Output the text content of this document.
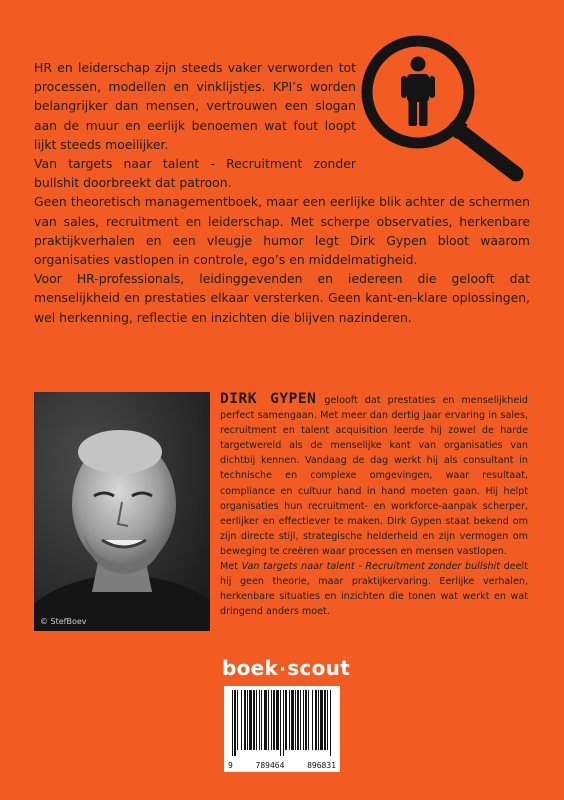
HR en leiderschap zijn steeds vaker verworden tot processen, modellen en vinklijstjes. KPI’s worden belangrijker dan mensen, vertrouwen een slogan aan de muur en eerlijk benoemen wat fout loopt lijkt steeds moeilijker.

Van targets naar talent - Recruitment zonder bullshit doorbreekt dat patroon.

Geen theoretisch managementboek, maar een eerlijke blik achter de schermen van sales, recruitment en leiderschap. Met scherpe observaties, herkenbare praktijkverhalen en een vleugje humor legt Dirk Gypen bloot waarom organisaties vastlopen in controle, ego’s en middelmatigheid.

Voor HR-professionals, leidinggevenden en iedereen die gelooft dat menselijkheid en prestaties elkaar versterken. Geen kant-en-klare oplossingen, wel herkenning, reflectie en inzichten die blijven nazinderen.

© StefBoev

DIRK GYPEN gelooft dat prestaties en menselijkheid perfect samengaan. Met meer dan dertig jaar ervaring in sales, recruitment en talent acquisition leerde hij zowel de harde targetwereld als de menselijke kant van organisaties van dichtbij kennen. Vandaag de dag werkt hij als consultant in technische en complexe omgevingen, waar resultaat, compliance en cultuur hand in hand moeten gaan. Hij helpt organisaties hun recruitment- en workforce-aanpak scherper, eerlijker en effectiever te maken. Dirk Gypen staat bekend om zijn directe stijl, strategische helderheid en zijn vermogen om beweging te creëren waar processen en mensen vastlopen.

Met Van targets naar talent - Recruitment zonder bullshit deelt hij geen theorie, maar praktijkervaring. Eerlijke verhalen, herkenbare situaties en inzichten die tonen wat werkt en wat dringend anders moet.

boek·scout
9	789464	896831
